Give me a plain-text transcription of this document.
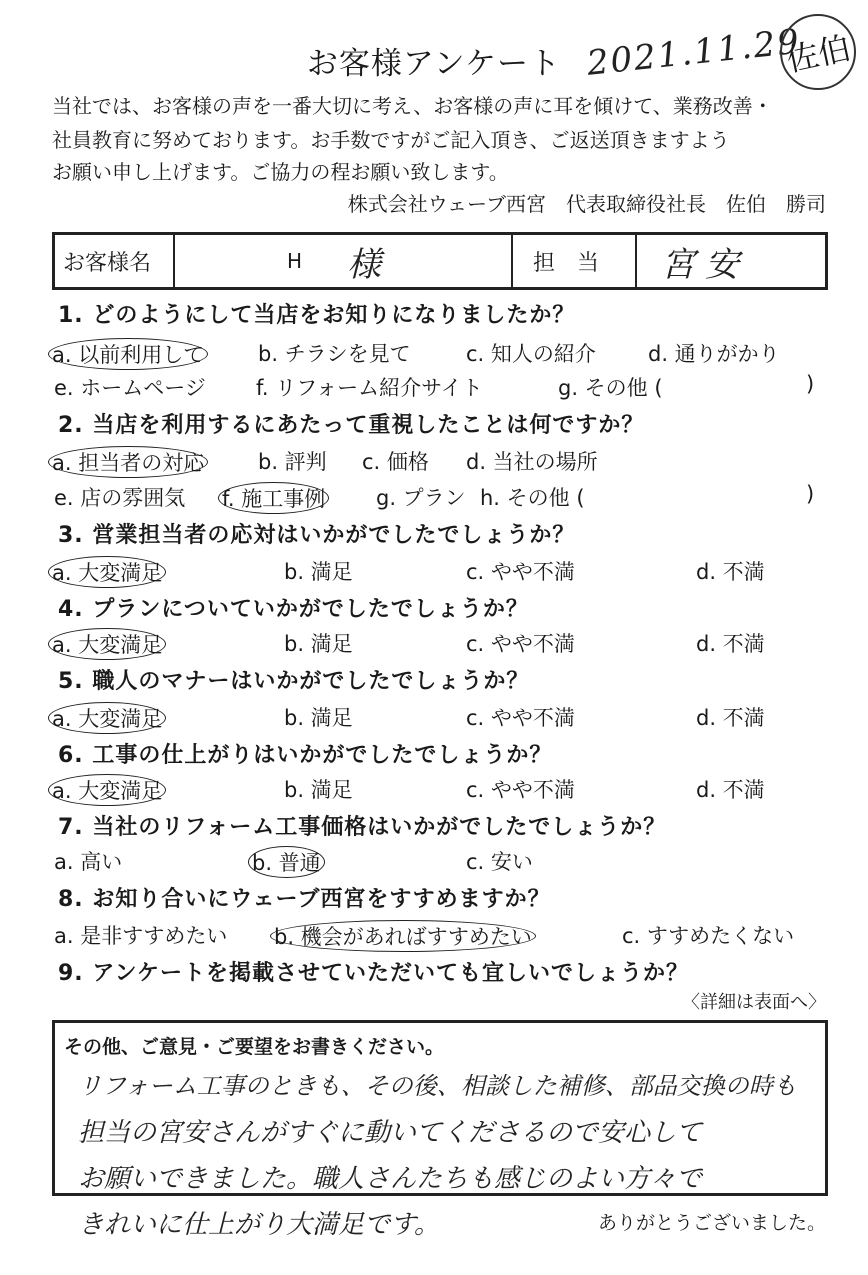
お客様アンケート 2021.11.29
佐伯
当社では、お客様の声を一番大切に考え、お客様の声に耳を傾けて、業務改善・
社員教育に努めております。お手数ですがご記入頂き、ご返送頂きますよう
お願い申し上げます。ご協力の程お願い致します。
株式会社ウェーブ西宮　代表取締役社長　佐伯　勝司
お客様名	H 様	担　当 宮安
1. どのようにして当店をお知りになりましたか？
a. 以前利用して	b. チラシを見て	c. 知人の紹介 d. 通りがかり
e. ホームページ f. リフォーム紹介サイト	g. その他 (	)
2. 当店を利用するにあたって重視したことは何ですか？
a. 担当者の対応	b. 評判 c. 価格 d. 当社の場所
e. 店の雰囲気 f. 施工事例 g. プラン h. その他 (	)
3. 営業担当者の応対はいかがでしたでしょうか？
a. 大変満足	b. 満足	c. やや不満	d. 不満
4. プランについていかがでしたでしょうか？
a. 大変満足	b. 満足	c. やや不満	d. 不満
5. 職人のマナーはいかがでしたでしょうか？
a. 大変満足	b. 満足	c. やや不満	d. 不満
6. 工事の仕上がりはいかがでしたでしょうか？
a. 大変満足	b. 満足	c. やや不満	d. 不満
7. 当社のリフォーム工事価格はいかがでしたでしょうか？
a. 高い	b. 普通	c. 安い
8. お知り合いにウェーブ西宮をすすめますか？
a. 是非すすめたい b. 機会があればすすめたい	c. すすめたくない
9. アンケートを掲載させていただいても宜しいでしょうか？
〈詳細は表面へ〉
その他、ご意見・ご要望をお書きください。
リフォーム工事のときも、その後、相談した補修、部品交換の時も
担当の宮安さんがすぐに動いてくださるので安心して
お願いできました。職人さんたちも感じのよい方々で
きれいに仕上がり大満足です。	ありがとうございました。
